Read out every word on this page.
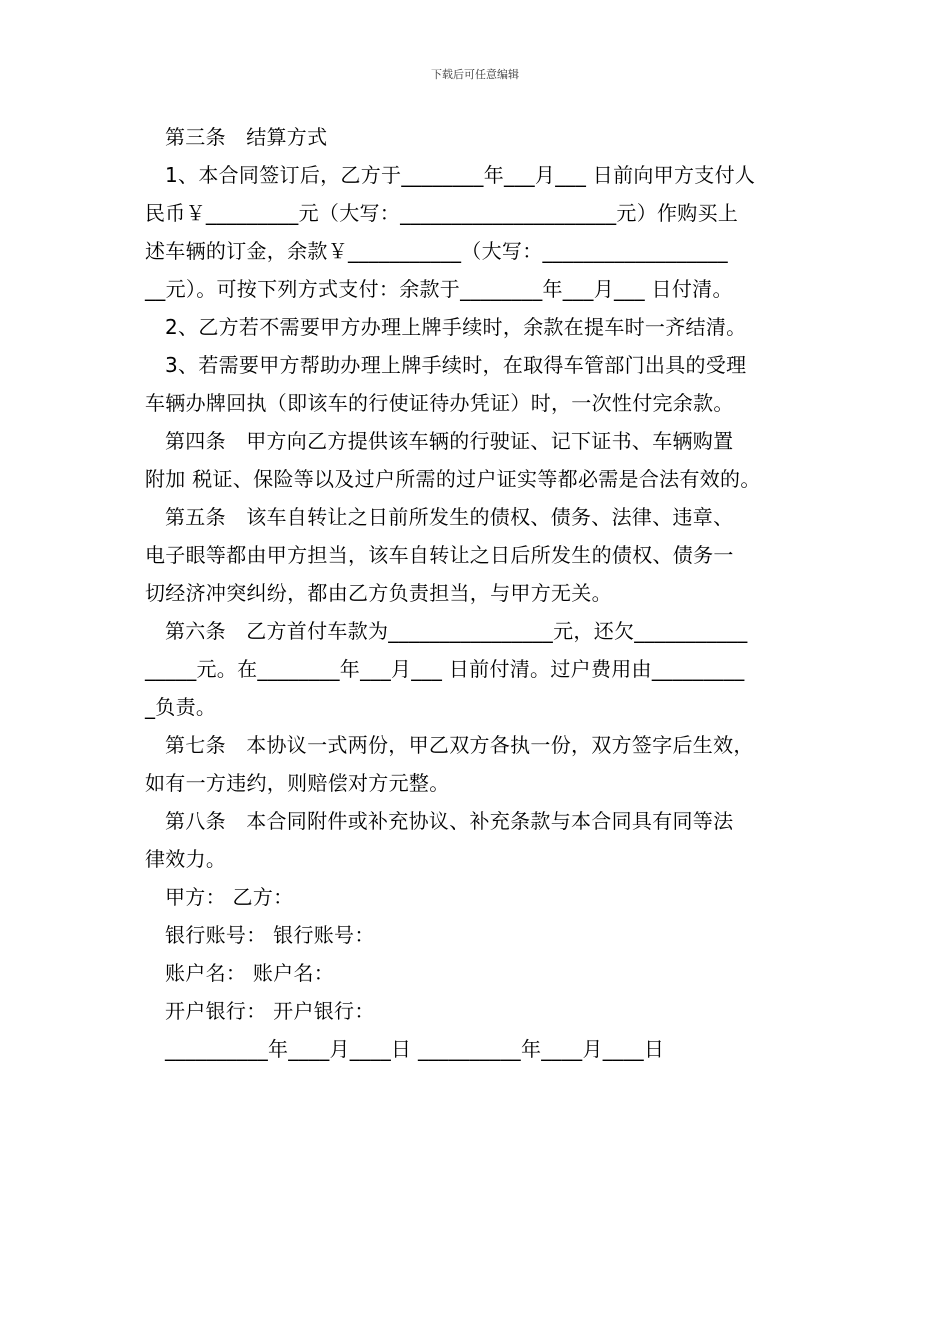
下载后可任意编辑
第三条　结算方式
1、本合同签订后，乙方于________年___月___ 日前向甲方支付人
民币￥_________元（大写：_____________________元）作购买上
述车辆的订金，余款￥___________（大写：__________________
__元）。可按下列方式支付：余款于________年___月___ 日付清。
2、乙方若不需要甲方办理上牌手续时，余款在提车时一齐结清。
3、若需要甲方帮助办理上牌手续时，在取得车管部门出具的受理
车辆办牌回执（即该车的行使证待办凭证）时，一次性付完余款。
第四条　甲方向乙方提供该车辆的行驶证、记下证书、车辆购置
附加 税证、保险等以及过户所需的过户证实等都必需是合法有效的。
第五条　该车自转让之日前所发生的债权、债务、法律、违章、
电子眼等都由甲方担当，该车自转让之日后所发生的债权、债务一
切经济冲突纠纷，都由乙方负责担当，与甲方无关。
第六条　乙方首付车款为________________元，还欠___________
_____元。在________年___月___ 日前付清。过户费用由_________
_负责。
第七条　本协议一式两份，甲乙双方各执一份，双方签字后生效，
如有一方违约，则赔偿对方元整。
第八条　本合同附件或补充协议、补充条款与本合同具有同等法
律效力。
甲方： 乙方：
银行账号： 银行账号：
账户名： 账户名：
开户银行： 开户银行：
__________年____月____日 __________年____月____日
